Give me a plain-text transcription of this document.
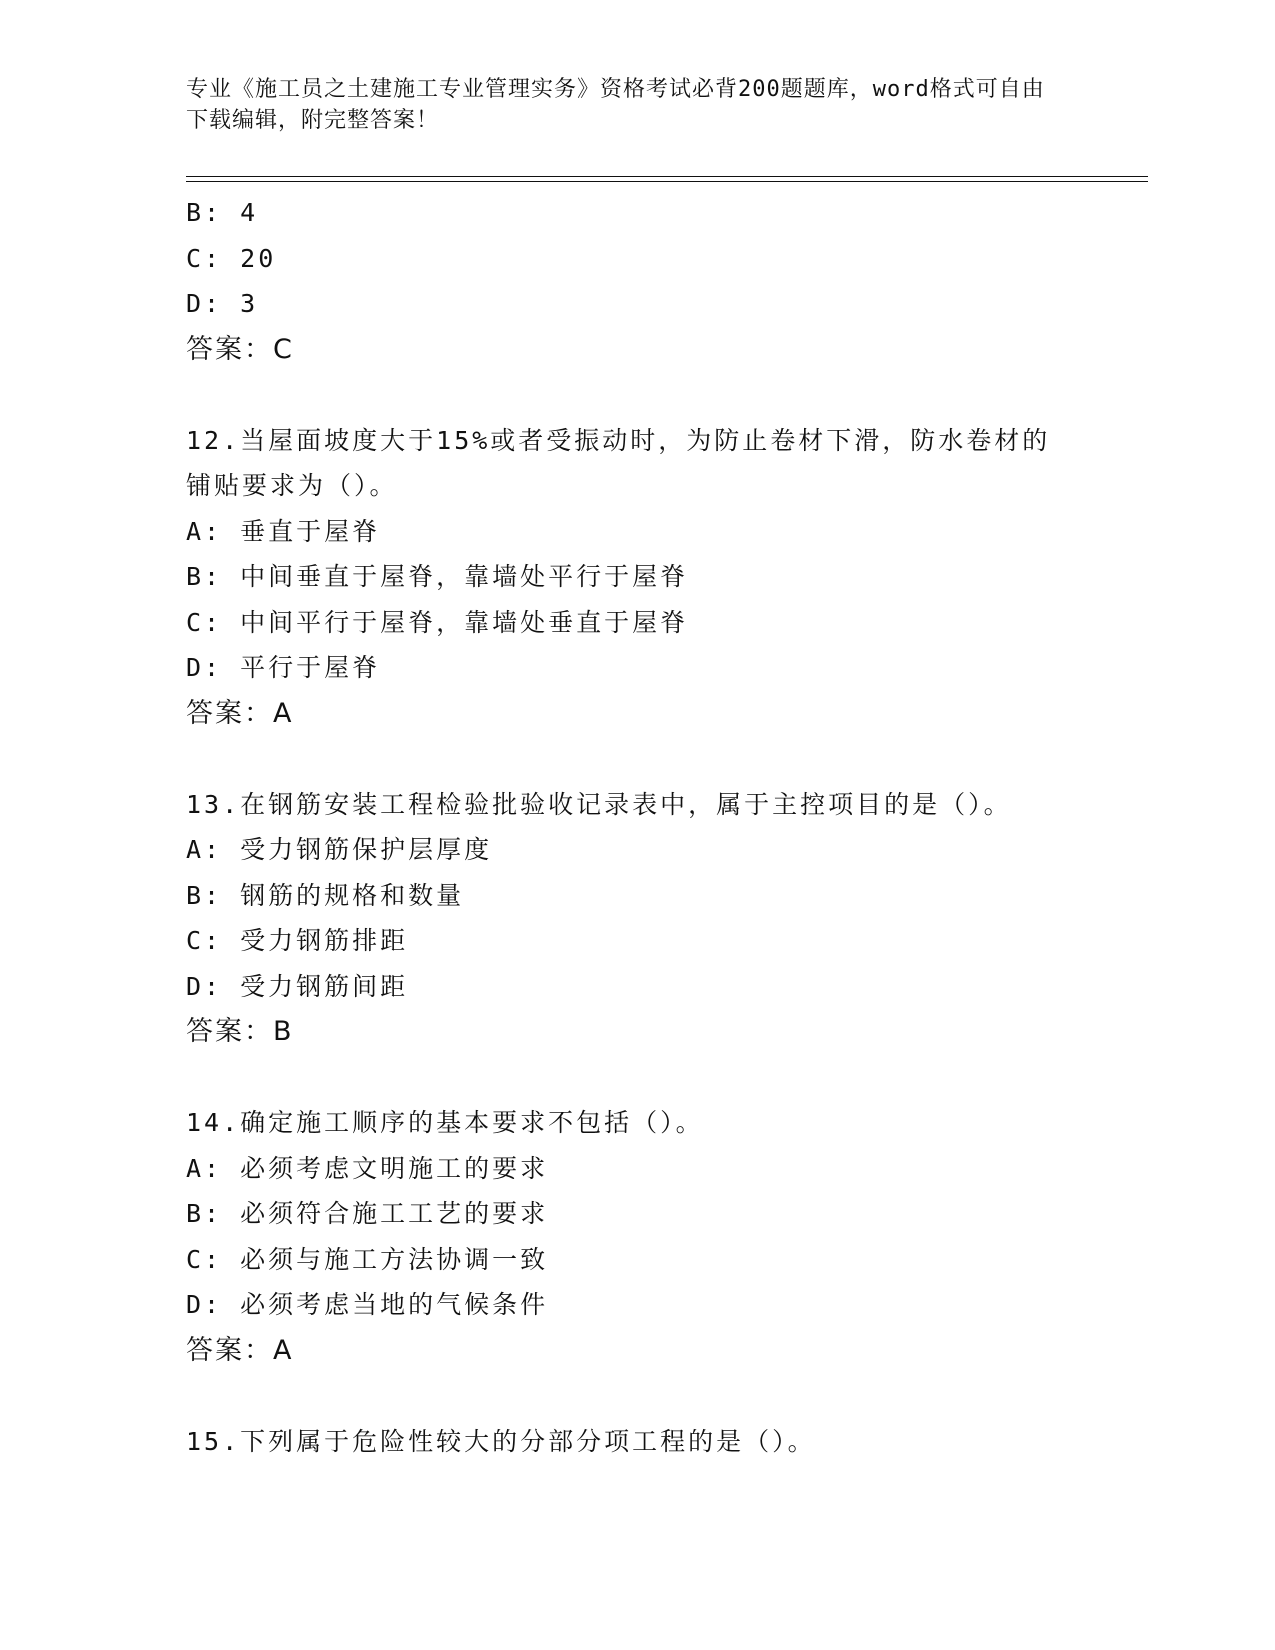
专业《施工员之土建施工专业管理实务》资格考试必背200题题库，word格式可自由下载编辑，附完整答案！
B: 4
C: 20
D: 3
答案：C
12.当屋面坡度大于15%或者受振动时，为防止卷材下滑，防水卷材的
铺贴要求为（）。
A: 垂直于屋脊
B: 中间垂直于屋脊，靠墙处平行于屋脊
C: 中间平行于屋脊，靠墙处垂直于屋脊
D: 平行于屋脊
答案：A
13.在钢筋安装工程检验批验收记录表中，属于主控项目的是（）。
A: 受力钢筋保护层厚度
B: 钢筋的规格和数量
C: 受力钢筋排距
D: 受力钢筋间距
答案：B
14.确定施工顺序的基本要求不包括（）。
A: 必须考虑文明施工的要求
B: 必须符合施工工艺的要求
C: 必须与施工方法协调一致
D: 必须考虑当地的气候条件
答案：A
15.下列属于危险性较大的分部分项工程的是（）。
